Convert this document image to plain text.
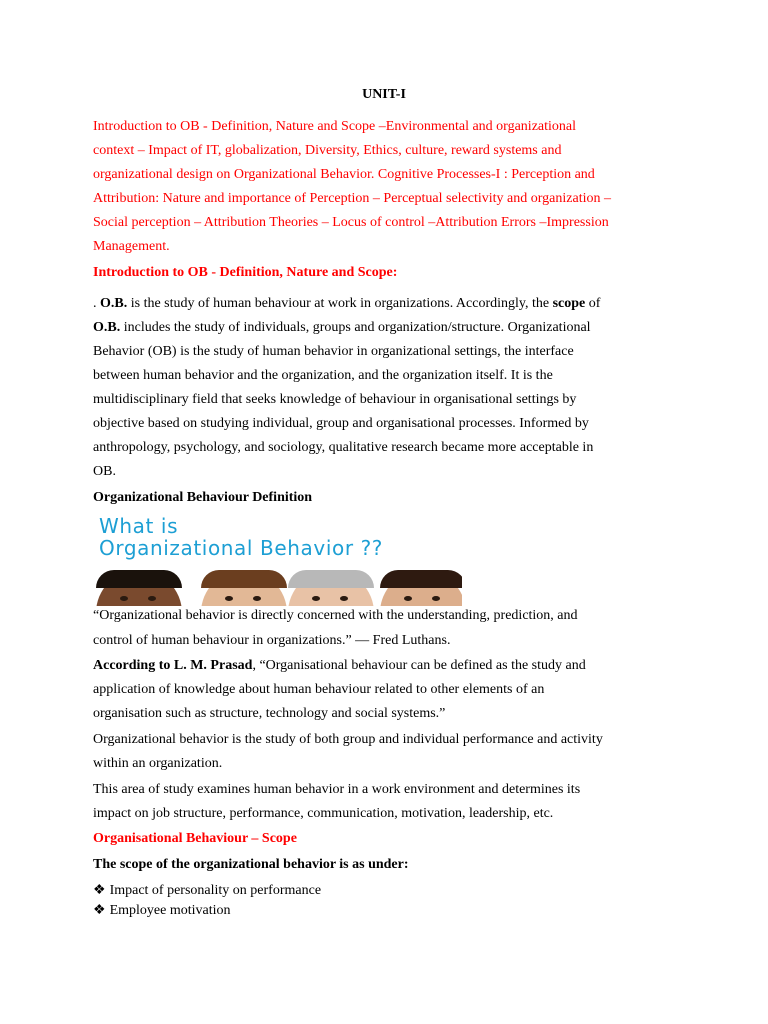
UNIT-I
Introduction to OB - Definition, Nature and Scope –Environmental and organizational
context – Impact of IT, globalization, Diversity, Ethics, culture, reward systems and
organizational design on Organizational Behavior. Cognitive Processes-I : Perception and
Attribution: Nature and importance of Perception – Perceptual selectivity and organization –
Social perception – Attribution Theories – Locus of control –Attribution Errors –Impression
Management.
Introduction to OB - Definition, Nature and Scope:
. O.B. is the study of human behaviour at work in organizations. Accordingly, the scope of
O.B. includes the study of individuals, groups and organization/structure. Organizational
Behavior (OB) is the study of human behavior in organizational settings, the interface
between human behavior and the organization, and the organization itself. It is the
multidisciplinary field that seeks knowledge of behaviour in organisational settings by
objective based on studying individual, group and organisational processes. Informed by
anthropology, psychology, and sociology, qualitative research became more acceptable in
OB.
Organizational Behaviour Definition
What is
Organizational Behavior ??
“Organizational behavior is directly concerned with the understanding, prediction, and
control of human behaviour in organizations.” — Fred Luthans.
According to L. M. Prasad, “Organisational behaviour can be defined as the study and
application of knowledge about human behaviour related to other elements of an
organisation such as structure, technology and social systems.”
Organizational behavior is the study of both group and individual performance and activity
within an organization.
This area of study examines human behavior in a work environment and determines its
impact on job structure, performance, communication, motivation, leadership, etc.
Organisational Behaviour – Scope
The scope of the organizational behavior is as under:
❖ Impact of personality on performance
❖ Employee motivation
